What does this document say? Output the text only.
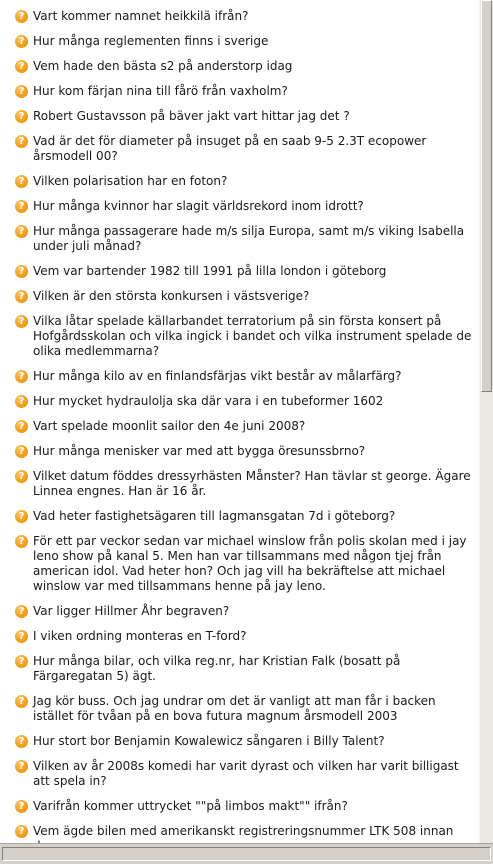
? Vart kommer namnet heikkilä ifrån?
? Hur många reglementen finns i sverige
? Vem hade den bästa s2 på anderstorp idag
? Hur kom färjan nina till fårö från vaxholm?
? Robert Gustavsson på bäver jakt vart hittar jag det ?
? Vad är det för diameter på insuget på en saab 9-5 2.3T ecopower årsmodell 00?
? Vilken polarisation har en foton?
? Hur många kvinnor har slagit världsrekord inom idrott?
? Hur många passagerare hade m/s silja Europa, samt m/s viking Isabella under juli månad?
? Vem var bartender 1982 till 1991 på lilla london i göteborg
? Vilken är den största konkursen i västsverige?
? Vilka låtar spelade källarbandet terratorium på sin första konsert på Hofgårdsskolan och vilka ingick i bandet och vilka instrument spelade de olika medlemmarna?
? Hur många kilo av en finlandsfärjas vikt består av målarfärg?
? Hur mycket hydraulolja ska där vara i en tubeformer 1602
? Vart spelade moonlit sailor den 4e juni 2008?
? Hur många menisker var med att bygga öresunssbrno?
? Vilket datum föddes dressyrhästen Månster? Han tävlar st george. Ägare Linnea engnes. Han är 16 år.
? Vad heter fastighetsägaren till lagmansgatan 7d i göteborg?
? För ett par veckor sedan var michael winslow från polis skolan med i jay leno show på kanal 5. Men han var tillsammans med någon tjej från american idol. Vad heter hon? Och jag vill ha bekräftelse att michael winslow var med tillsammans henne på jay leno.
? Var ligger Hillmer Åhr begraven?
? I viken ordning monteras en T-ford?
? Hur många bilar, och vilka reg.nr, har Kristian Falk (bosatt på Färgaregatan 5) ägt.
? Jag kör buss. Och jag undrar om det är vanligt att man får i backen istället för tvåan på en bova futura magnum årsmodell 2003
? Hur stort bor Benjamin Kowalewicz sångaren i Billy Talent?
? Vilken av år 2008s komedi har varit dyrast och vilken har varit billigast att spela in?
? Varifrån kommer uttrycket ""på limbos makt"" ifrån?
? Vem ägde bilen med amerikanskt registreringsnummer LTK 508 innan
